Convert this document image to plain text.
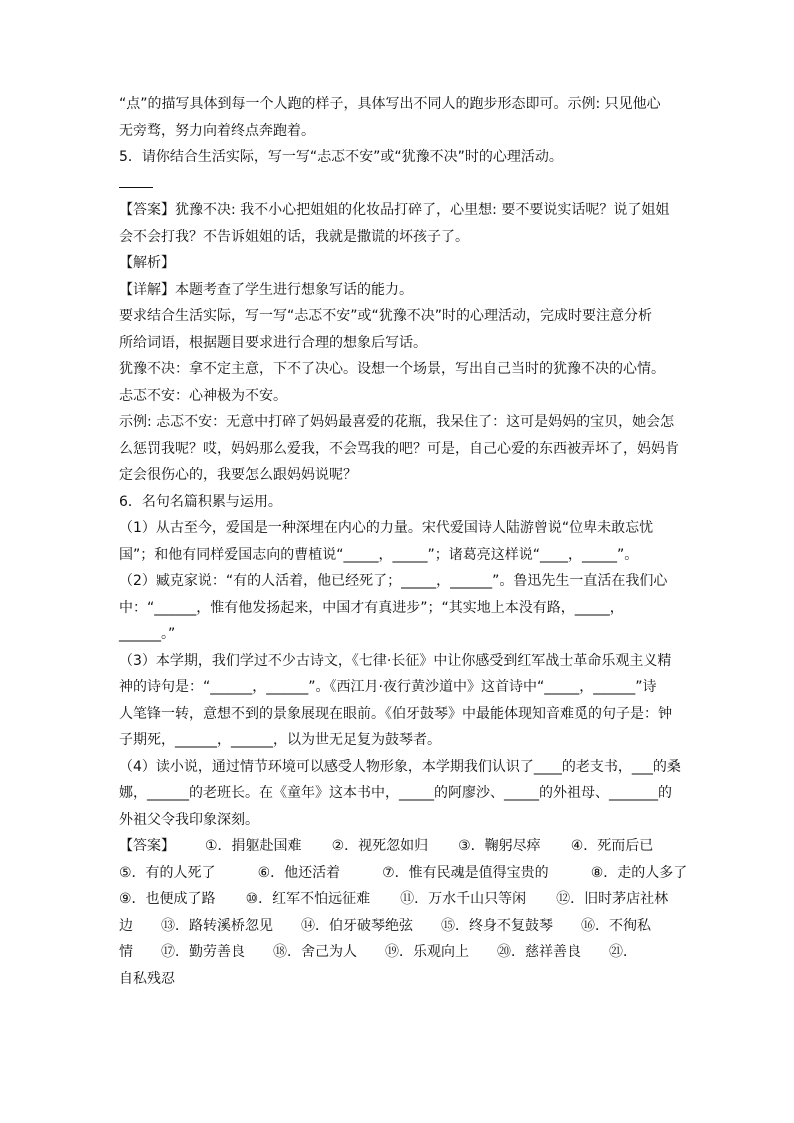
“点”的描写具体到每一个人跑的样子，具体写出不同人的跑步形态即可。示例: 只见他心
无旁骛，努力向着终点奔跑着。
5．请你结合生活实际，写一写“忐忑不安”或“犹豫不决”时的心理活动。
【答案】犹豫不决: 我不小心把姐姐的化妆品打碎了，心里想: 要不要说实话呢？说了姐姐
会不会打我？不告诉姐姐的话，我就是撒谎的坏孩子了。
【解析】
【详解】本题考查了学生进行想象写话的能力。
要求结合生活实际，写一写“忐忑不安”或“犹豫不决”时的心理活动，完成时要注意分析
所给词语，根据题目要求进行合理的想象后写话。
犹豫不决：拿不定主意，下不了决心。设想一个场景，写出自己当时的犹豫不决的心情。
忐忑不安：心神极为不安。
示例: 忐忑不安：无意中打碎了妈妈最喜爱的花瓶，我呆住了：这可是妈妈的宝贝，她会怎
么惩罚我呢？哎，妈妈那么爱我，不会骂我的吧？可是，自己心爱的东西被弄坏了，妈妈肯
定会很伤心的，我要怎么跟妈妈说呢？
6．名句名篇积累与运用。
（1）从古至今，爱国是一种深埋在内心的力量。宋代爱国诗人陆游曾说“位卑未敢忘忧
国”；和他有同样爱国志向的曹植说“_____，_____”；诸葛亮这样说“____，_____”。
（2）臧克家说：“有的人活着，他已经死了；_____，______”。鲁迅先生一直活在我们心
中：“______，惟有他发扬起来，中国才有真进步”；“其实地上本没有路，_____，
______。”
（3）本学期，我们学过不少古诗文，《七律·长征》中让你感受到红军战士革命乐观主义精
神的诗句是：“______，______”。《西江月·夜行黄沙道中》这首诗中“_____，______”诗
人笔锋一转，意想不到的景象展现在眼前。《伯牙鼓琴》中最能体现知音难觅的句子是：钟
子期死，______，______，以为世无足复为鼓琴者。
（4）读小说，通过情节环境可以感受人物形象，本学期我们认识了____的老支书，___的桑
娜，______的老班长。在《童年》这本书中，_____的阿廖沙、_____的外祖母、_______的
外祖父令我印象深刻。
【答案】 ①．捐躯赴国难 ②．视死忽如归 ③．鞠躬尽瘁 ④．死而后已
⑤．有的人死了	⑥．他还活着	⑦．惟有民魂是值得宝贵的	⑧．走的人多了
⑨．也便成了路 ⑩．红军不怕远征难 ⑪．万水千山只等闲 ⑫．旧时茅店社林
边 ⑬．路转溪桥忽见 ⑭．伯牙破琴绝弦 ⑮．终身不复鼓琴 ⑯．不徇私
情 ⑰．勤劳善良 ⑱．舍己为人 ⑲．乐观向上 ⑳．慈祥善良 ㉑．
自私残忍
